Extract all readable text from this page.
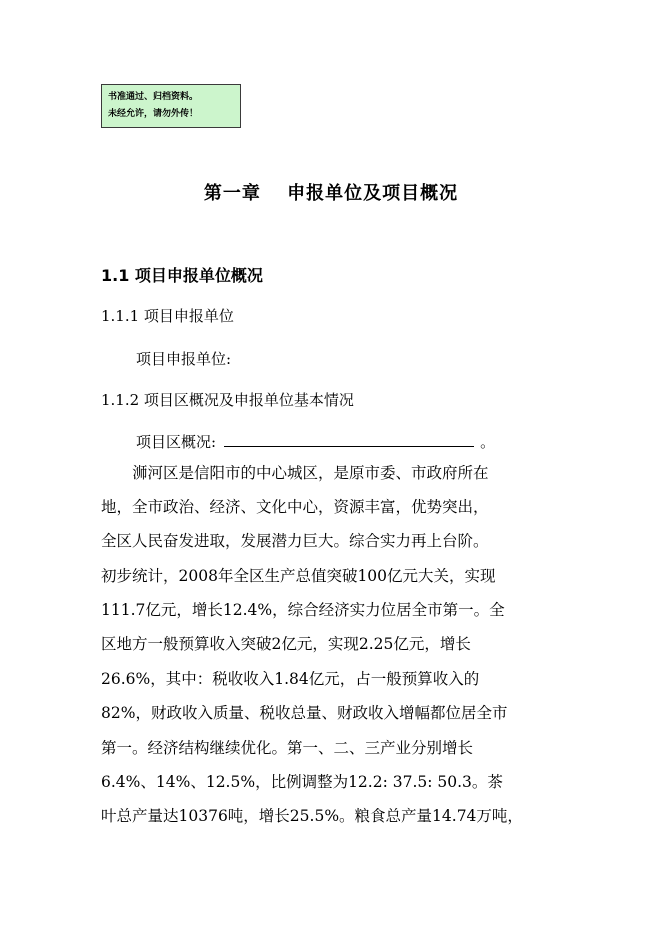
书准通过、归档资料。
未经允许，请勿外传！
第一章　 申报单位及项目概况
1.1 项目申报单位概况
1.1.1 项目申报单位
项目申报单位:
1.1.2 项目区概况及申报单位基本情况
项目区概况:	。
　　浉河区是信阳市的中心城区，是原市委、市政府所在
地，全市政治、经济、文化中心，资源丰富，优势突出，
全区人民奋发进取，发展潜力巨大。综合实力再上台阶。
初步统计，2008年全区生产总值突破100亿元大关，实现
111.7亿元，增长12.4%，综合经济实力位居全市第一。全
区地方一般预算收入突破2亿元，实现2.25亿元，增长
26.6%，其中：税收收入1.84亿元，占一般预算收入的
82%，财政收入质量、税收总量、财政收入增幅都位居全市
第一。经济结构继续优化。第一、二、三产业分别增长
6.4%、14%、12.5%，比例调整为12.2: 37.5: 50.3。茶
叶总产量达10376吨，增长25.5%。粮食总产量14.74万吨，
